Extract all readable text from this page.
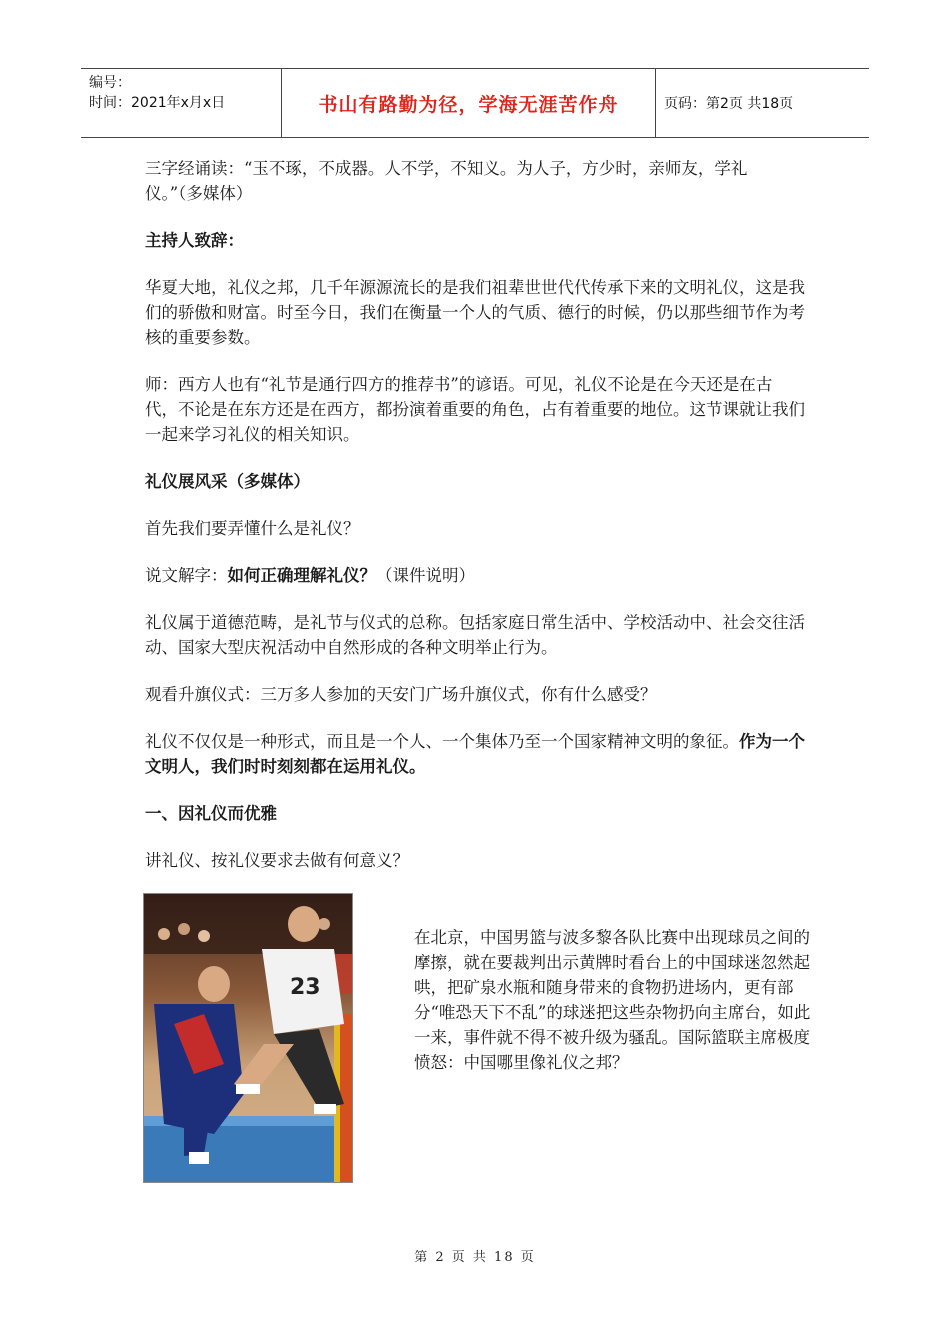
编号：
时间：2021年x月x日	书山有路勤为径，学海无涯苦作舟	页码：第2页 共18页

三字经诵读：“玉不琢，不成器。人不学，不知义。为人子，方少时，亲师友，学礼仪。”（多媒体）

主持人致辞：

华夏大地，礼仪之邦，几千年源源流长的是我们祖辈世世代代传承下来的文明礼仪，这是我们的骄傲和财富。时至今日，我们在衡量一个人的气质、德行的时候，仍以那些细节作为考核的重要参数。

师：西方人也有“礼节是通行四方的推荐书”的谚语。可见，礼仪不论是在今天还是在古代，不论是在东方还是在西方，都扮演着重要的角色，占有着重要的地位。这节课就让我们一起来学习礼仪的相关知识。

礼仪展风采（多媒体）

首先我们要弄懂什么是礼仪？

说文解字：如何正确理解礼仪？（课件说明）

礼仪属于道德范畴，是礼节与仪式的总称。包括家庭日常生活中、学校活动中、社会交往活动、国家大型庆祝活动中自然形成的各种文明举止行为。

观看升旗仪式：三万多人参加的天安门广场升旗仪式，你有什么感受？

礼仪不仅仅是一种形式，而且是一个人、一个集体乃至一个国家精神文明的象征。作为一个文明人，我们时时刻刻都在运用礼仪。

一、因礼仪而优雅

讲礼仪、按礼仪要求去做有何意义？

23

在北京，中国男篮与波多黎各队比赛中出现球员之间的摩擦，就在要裁判出示黄牌时看台上的中国球迷忽然起哄，把矿泉水瓶和随身带来的食物扔进场内，更有部分“唯恐天下不乱”的球迷把这些杂物扔向主席台，如此一来，事件就不得不被升级为骚乱。国际篮联主席极度愤怒：中国哪里像礼仪之邦？

第 2 页 共 18 页
